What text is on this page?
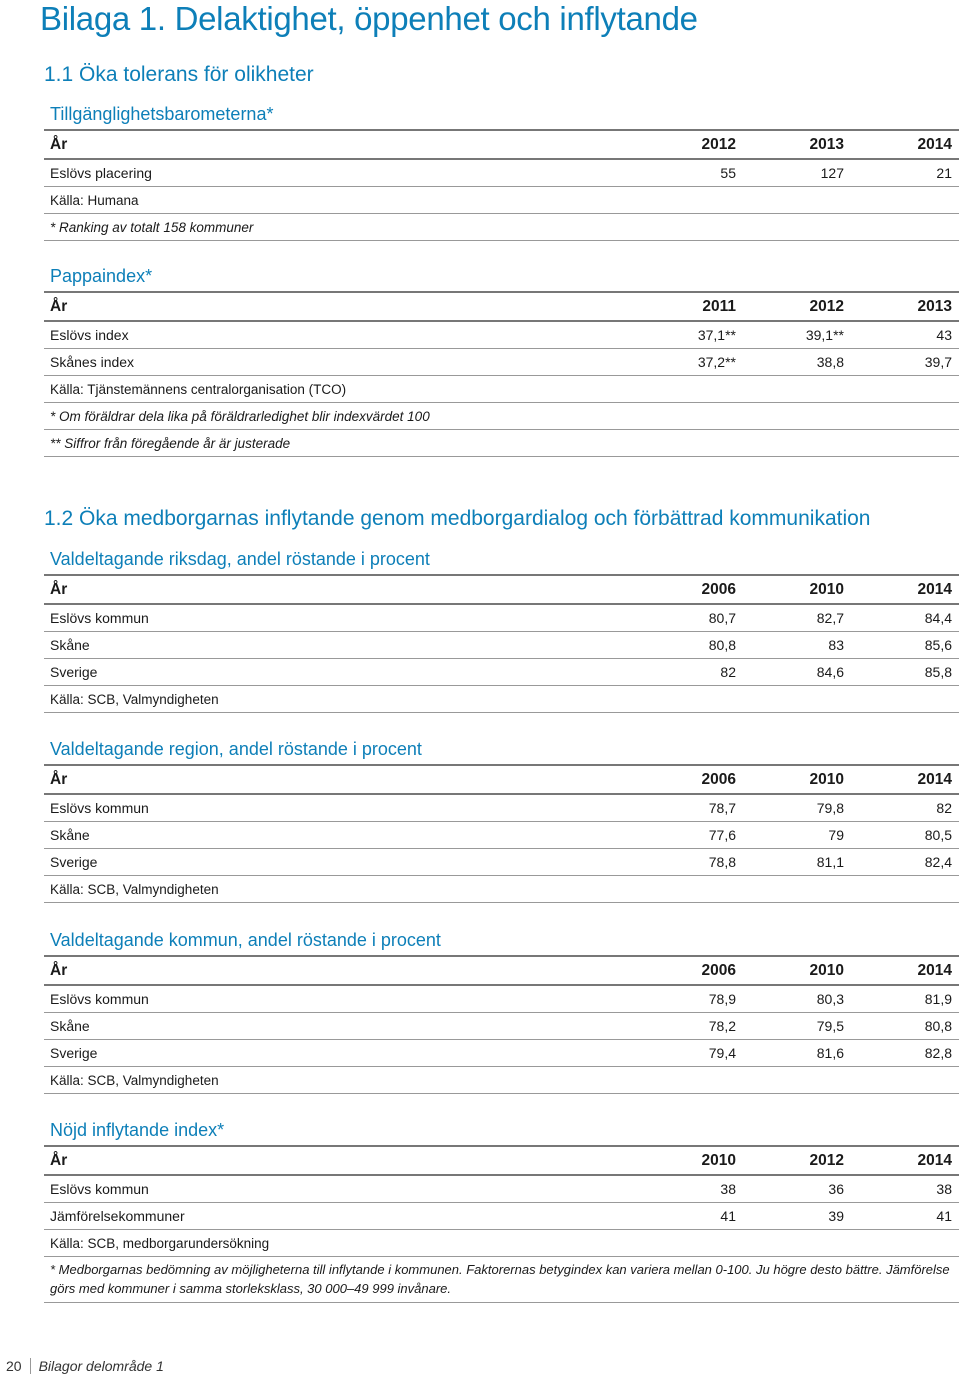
Bilaga 1. Delaktighet, öppenhet och inflytande
1.1 Öka tolerans för olikheter
Tillgänglighetsbarometerna*
År	2012	2013	2014
Eslövs placering	55	127	21
Källa: Humana
* Ranking av totalt 158 kommuner
Pappaindex*
År	2011	2012	2013
Eslövs index	37,1**	39,1**	43
Skånes index	37,2**	38,8	39,7
Källa: Tjänstemännens centralorganisation (TCO)
* Om föräldrar dela lika på föräldrarledighet blir indexvärdet 100
** Siffror från föregående år är justerade
1.2 Öka medborgarnas inflytande genom medborgardialog och förbättrad kommunikation
Valdeltagande riksdag, andel röstande i procent
År	2006	2010	2014
Eslövs kommun	80,7	82,7	84,4
Skåne	80,8	83	85,6
Sverige	82	84,6	85,8
Källa: SCB, Valmyndigheten
Valdeltagande region, andel röstande i procent
År	2006	2010	2014
Eslövs kommun	78,7	79,8	82
Skåne	77,6	79	80,5
Sverige	78,8	81,1	82,4
Källa: SCB, Valmyndigheten
Valdeltagande kommun, andel röstande i procent
År	2006	2010	2014
Eslövs kommun	78,9	80,3	81,9
Skåne	78,2	79,5	80,8
Sverige	79,4	81,6	82,8
Källa: SCB, Valmyndigheten
Nöjd inflytande index*
År	2010	2012	2014
Eslövs kommun	38	36	38
Jämförelsekommuner	41	39	41
Källa: SCB, medborgarundersökning
* Medborgarnas bedömning av möjligheterna till inflytande i kommunen. Faktorernas betygindex kan variera mellan 0-100. Ju högre desto bättre. Jämförelse görs med kommuner i samma storleksklass, 30 000–49 999 invånare.
20 Bilagor delområde 1
